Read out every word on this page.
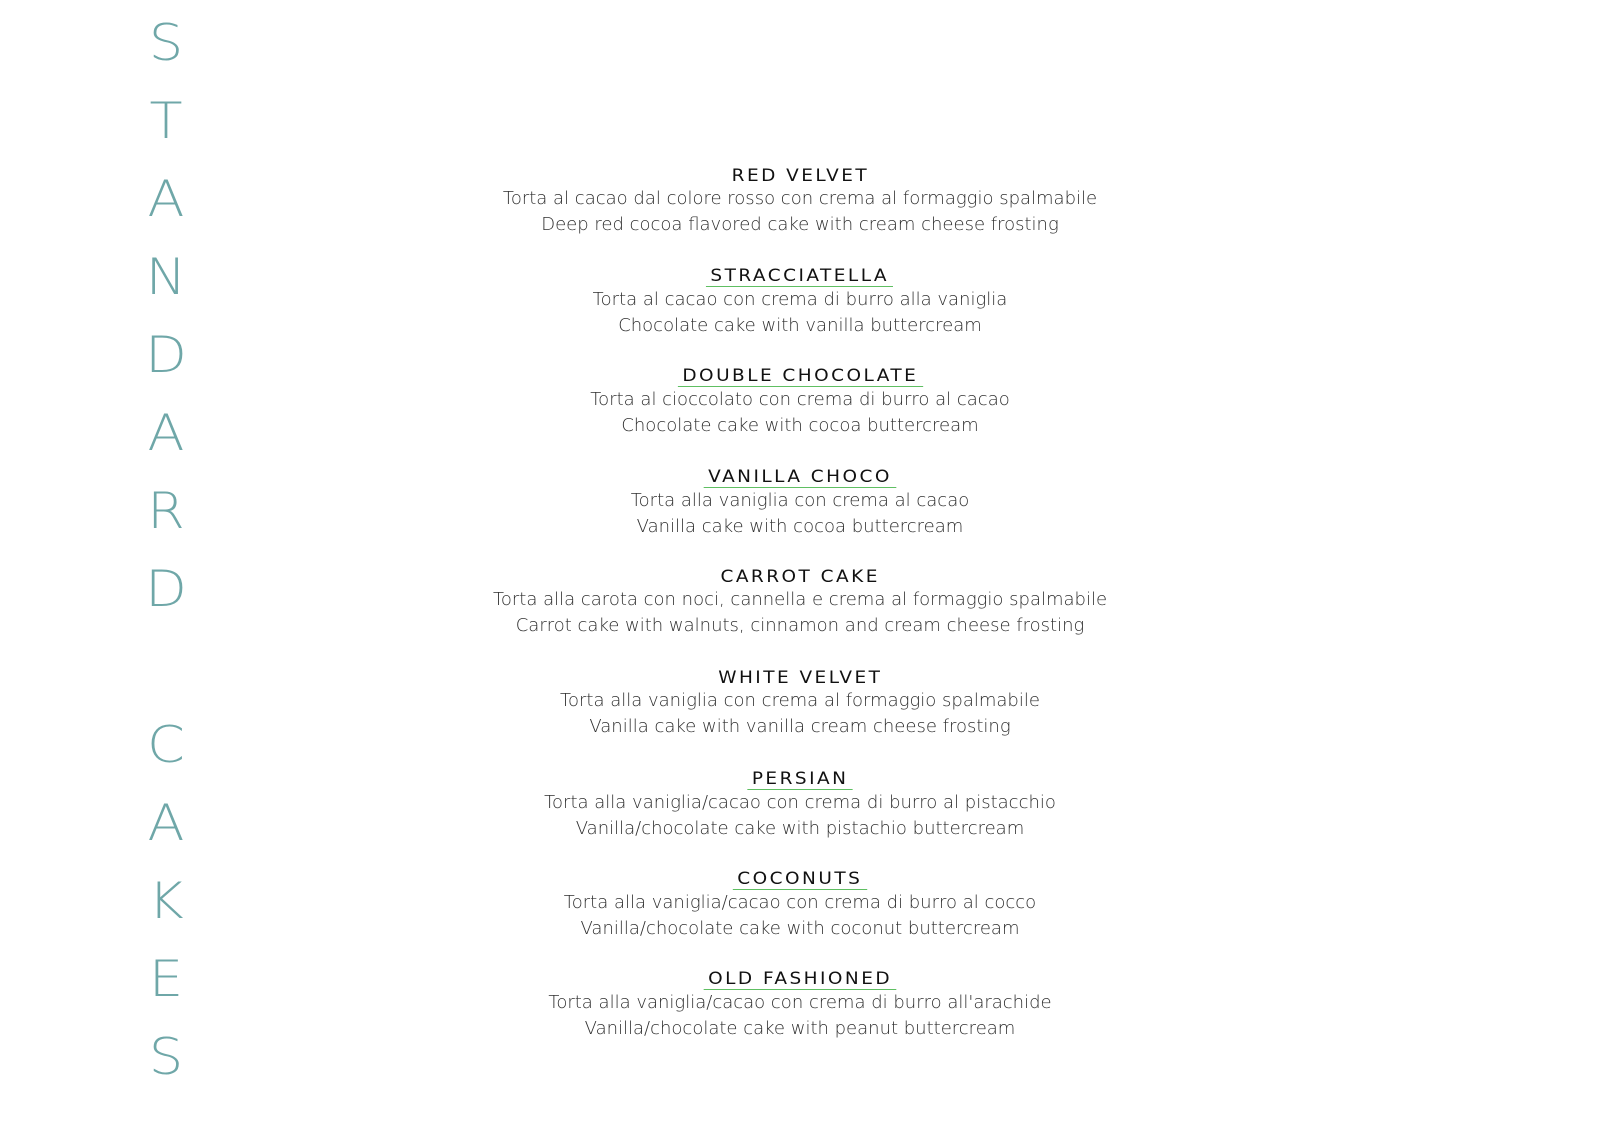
S
T
A
N
D
A
R
D
C
A
K
E
S
RED VELVET
Torta al cacao dal colore rosso con crema al formaggio spalmabile
Deep red cocoa flavored cake with cream cheese frosting
STRACCIATELLA
Torta al cacao con crema di burro alla vaniglia
Chocolate cake with vanilla buttercream
DOUBLE CHOCOLATE
Torta al cioccolato con crema di burro al cacao
Chocolate cake with cocoa buttercream
VANILLA CHOCO
Torta alla vaniglia con crema al cacao
Vanilla cake with cocoa buttercream
CARROT CAKE
Torta alla carota con noci, cannella e crema al formaggio spalmabile
Carrot cake with walnuts, cinnamon and cream cheese frosting
WHITE VELVET
Torta alla vaniglia con crema al formaggio spalmabile
Vanilla cake with vanilla cream cheese frosting
PERSIAN
Torta alla vaniglia/cacao con crema di burro al pistacchio
Vanilla/chocolate cake with pistachio buttercream
COCONUTS
Torta alla vaniglia/cacao con crema di burro al cocco
Vanilla/chocolate cake with coconut buttercream
OLD FASHIONED
Torta alla vaniglia/cacao con crema di burro all'arachide
Vanilla/chocolate cake with peanut buttercream
